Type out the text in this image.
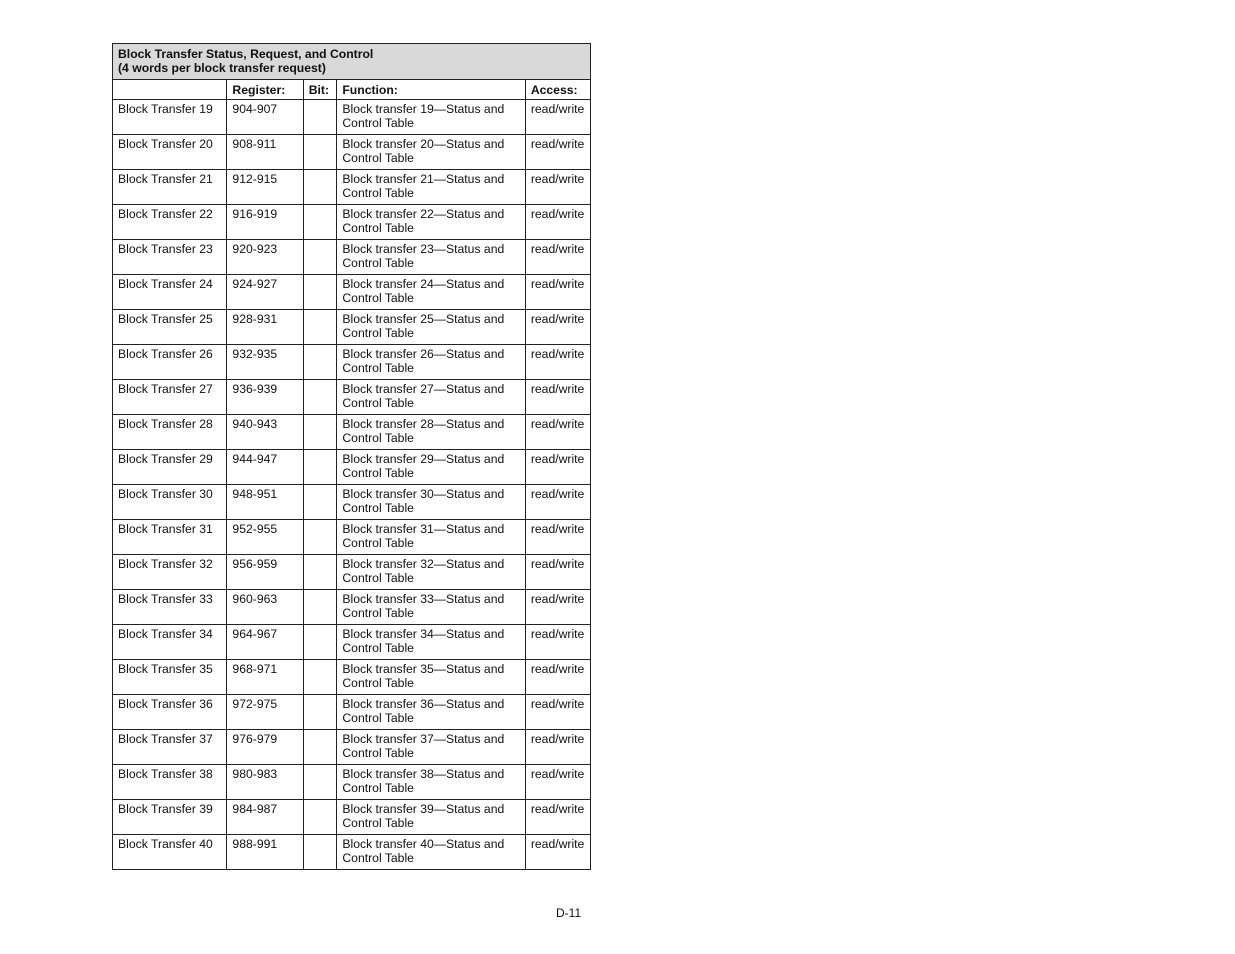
Block Transfer Status, Request, and Control
(4 words per block transfer request)				

	Register:	Bit:	Function:	Access:
Block Transfer 19	904-907		Block transfer 19—Status and Control Table	read/write
Block Transfer 20	908-911		Block transfer 20—Status and Control Table	read/write
Block Transfer 21	912-915		Block transfer 21—Status and Control Table	read/write
Block Transfer 22	916-919		Block transfer 22—Status and Control Table	read/write
Block Transfer 23	920-923		Block transfer 23—Status and Control Table	read/write
Block Transfer 24	924-927		Block transfer 24—Status and Control Table	read/write
Block Transfer 25	928-931		Block transfer 25—Status and Control Table	read/write
Block Transfer 26	932-935		Block transfer 26—Status and Control Table	read/write
Block Transfer 27	936-939		Block transfer 27—Status and Control Table	read/write
Block Transfer 28	940-943		Block transfer 28—Status and Control Table	read/write
Block Transfer 29	944-947		Block transfer 29—Status and Control Table	read/write
Block Transfer 30	948-951		Block transfer 30—Status and Control Table	read/write
Block Transfer 31	952-955		Block transfer 31—Status and Control Table	read/write
Block Transfer 32	956-959		Block transfer 32—Status and Control Table	read/write
Block Transfer 33	960-963		Block transfer 33—Status and Control Table	read/write
Block Transfer 34	964-967		Block transfer 34—Status and Control Table	read/write
Block Transfer 35	968-971		Block transfer 35—Status and Control Table	read/write
Block Transfer 36	972-975		Block transfer 36—Status and Control Table	read/write
Block Transfer 37	976-979		Block transfer 37—Status and Control Table	read/write
Block Transfer 38	980-983		Block transfer 38—Status and Control Table	read/write
Block Transfer 39	984-987		Block transfer 39—Status and Control Table	read/write
Block Transfer 40	988-991		Block transfer 40—Status and Control Table	read/write
D-11
